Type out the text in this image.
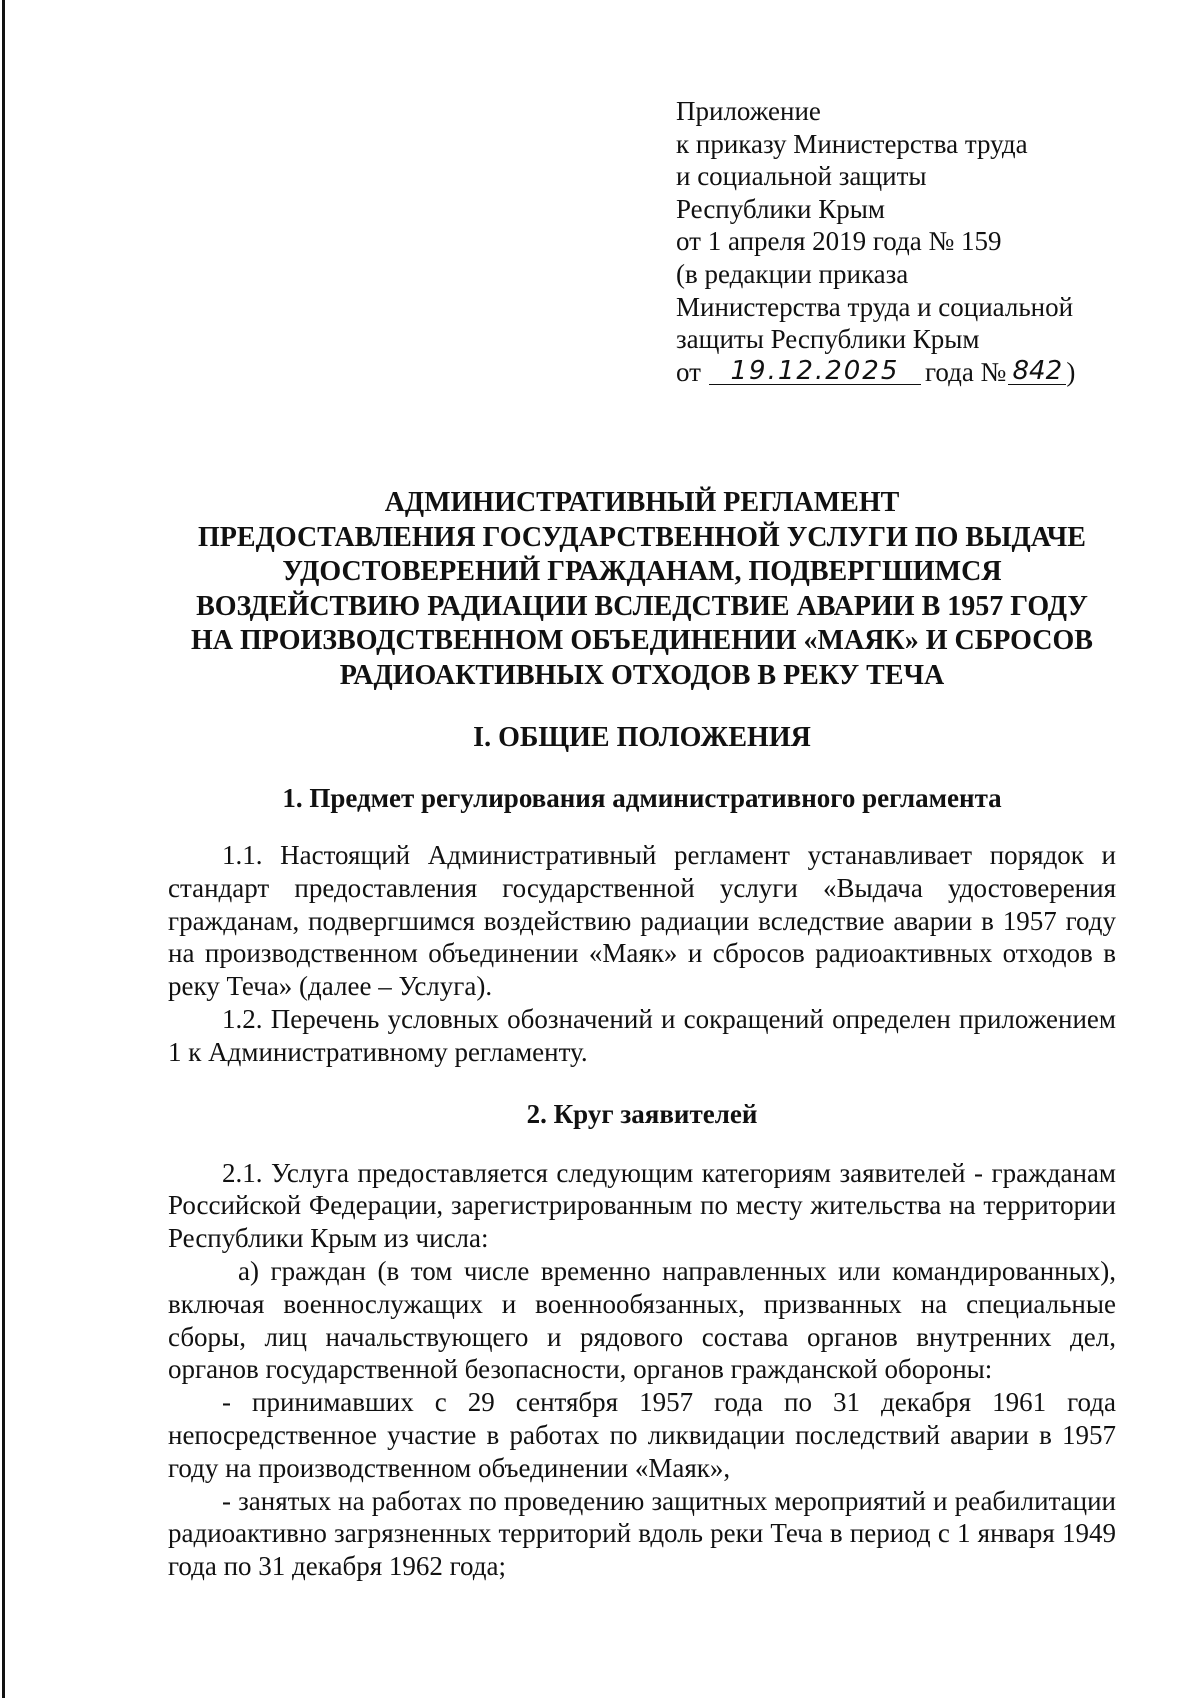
Приложение
к приказу Министерства труда
и социальной защиты
Республики Крым
от 1 апреля 2019 года № 159
(в редакции приказа
Министерства труда и социальной
защиты Республики Крым
от 19.12.2025 года № 842 )
АДМИНИСТРАТИВНЫЙ РЕГЛАМЕНТ
ПРЕДОСТАВЛЕНИЯ ГОСУДАРСТВЕННОЙ УСЛУГИ ПО ВЫДАЧЕ
УДОСТОВЕРЕНИЙ ГРАЖДАНАМ, ПОДВЕРГШИМСЯ
ВОЗДЕЙСТВИЮ РАДИАЦИИ ВСЛЕДСТВИЕ АВАРИИ В 1957 ГОДУ
НА ПРОИЗВОДСТВЕННОМ ОБЪЕДИНЕНИИ «МАЯК» И СБРОСОВ
РАДИОАКТИВНЫХ ОТХОДОВ В РЕКУ ТЕЧА
I. ОБЩИЕ ПОЛОЖЕНИЯ
1. Предмет регулирования административного регламента

1.1. Настоящий Административный регламент устанавливает порядок и стандарт предоставления государственной услуги «Выдача удостоверения гражданам, подвергшимся воздействию радиации вследствие аварии в 1957 году на производственном объединении «Маяк» и сбросов радиоактивных отходов в реку Теча» (далее – Услуга).

1.2. Перечень условных обозначений и сокращений определен приложением 1 к Административному регламенту.

2. Круг заявителей

2.1. Услуга предоставляется следующим категориям заявителей - гражданам Российской Федерации, зарегистрированным по месту жительства на территории Республики Крым из числа:

а) граждан (в том числе временно направленных или командированных), включая военнослужащих и военнообязанных, призванных на специальные сборы, лиц начальствующего и рядового состава органов внутренних дел, органов государственной безопасности, органов гражданской обороны:

- принимавших с 29 сентября 1957 года по 31 декабря 1961 года непосредственное участие в работах по ликвидации последствий аварии в 1957 году на производственном объединении «Маяк»,

- занятых на работах по проведению защитных мероприятий и реабилитации радиоактивно загрязненных территорий вдоль реки Теча в период с 1 января 1949 года по 31 декабря 1962 года;
